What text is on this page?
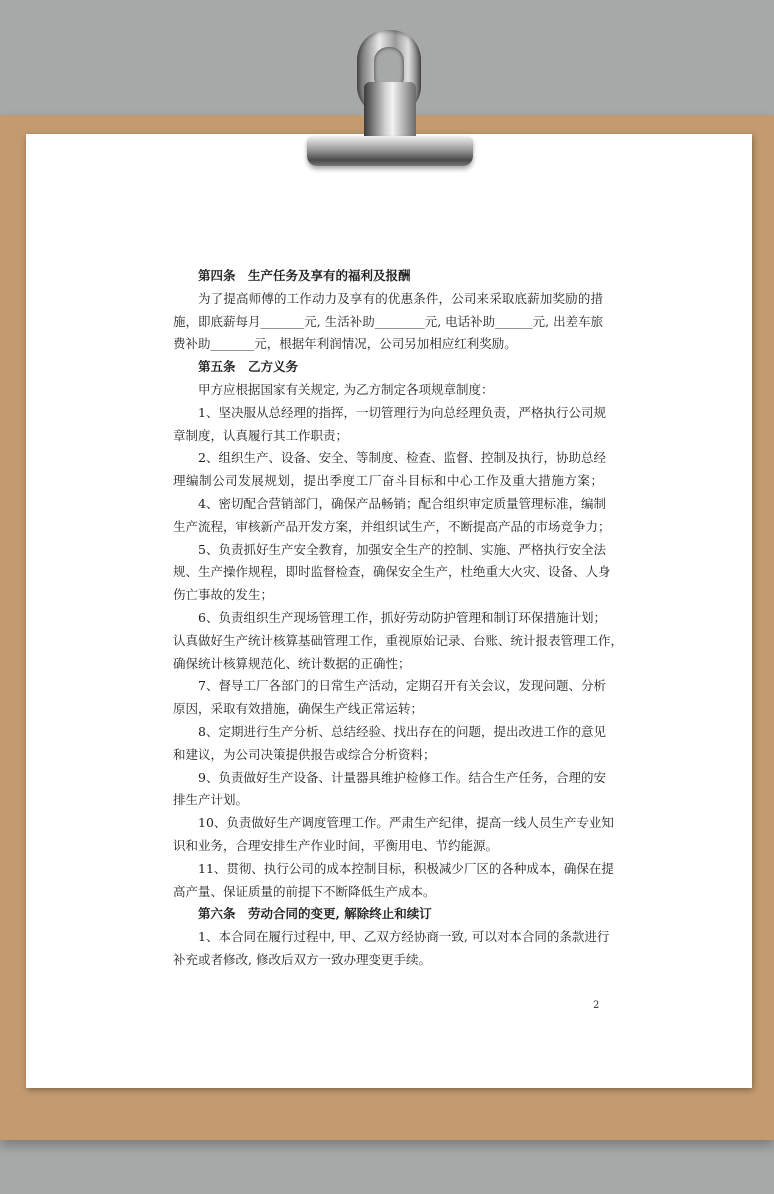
第四条　生产任务及享有的福利及报酬
为了提高师傅的工作动力及享有的优惠条件，公司来采取底薪加奖励的措
施，即底薪每月_______元, 生活补助________元, 电话补助______元, 出差车旅
费补助_______元，根据年利润情况，公司另加相应红利奖励。
第五条　乙方义务
甲方应根据国家有关规定, 为乙方制定各项规章制度：
1、坚决服从总经理的指挥，一切管理行为向总经理负责，严格执行公司规
章制度，认真履行其工作职责；
2、组织生产、设备、安全、等制度、检查、监督、控制及执行，协助总经
理编制公司发展规划，提出季度工厂奋斗目标和中心工作及重大措施方案；
4、密切配合营销部门，确保产品畅销；配合组织审定质量管理标准，编制
生产流程，审核新产品开发方案，并组织试生产，不断提高产品的市场竞争力；
5、负责抓好生产安全教育，加强安全生产的控制、实施、严格执行安全法
规、生产操作规程，即时监督检查，确保安全生产，杜绝重大火灾、设备、人身
伤亡事故的发生；
6、负责组织生产现场管理工作，抓好劳动防护管理和制订环保措施计划；
认真做好生产统计核算基础管理工作，重视原始记录、台账、统计报表管理工作，
确保统计核算规范化、统计数据的正确性；
7、督导工厂各部门的日常生产活动，定期召开有关会议，发现问题、分析
原因，采取有效措施，确保生产线正常运转；
8、定期进行生产分析、总结经验、找出存在的问题，提出改进工作的意见
和建议，为公司决策提供报告或综合分析资料；
9、负责做好生产设备、计量器具维护检修工作。结合生产任务，合理的安
排生产计划。
10、负责做好生产调度管理工作。严肃生产纪律，提高一线人员生产专业知
识和业务，合理安排生产作业时间，平衡用电、节约能源。
11、贯彻、执行公司的成本控制目标，积极减少厂区的各种成本，确保在提
高产量、保证质量的前提下不断降低生产成本。
第六条　劳动合同的变更, 解除终止和续订
1、本合同在履行过程中, 甲、乙双方经协商一致, 可以对本合同的条款进行
补充或者修改, 修改后双方一致办理变更手续。
2
